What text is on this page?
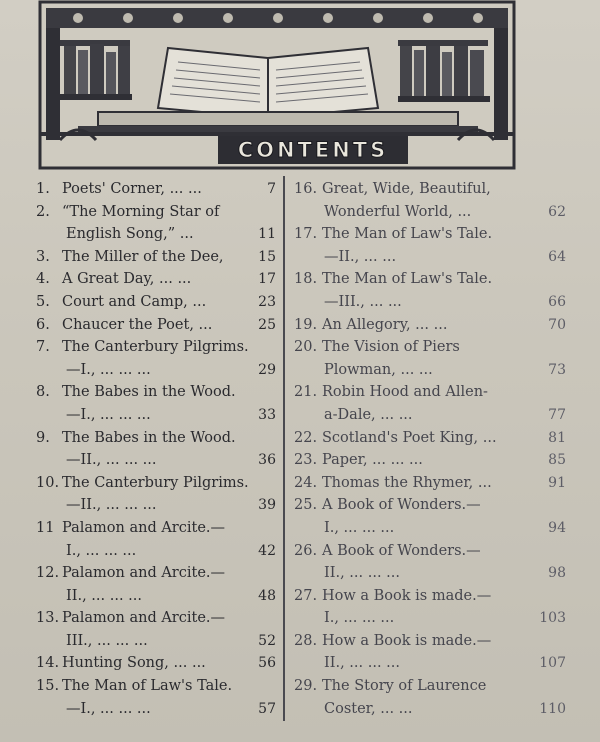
CONTENTS
1. Poets' Corner, ... ...	7
2. “The Morning Star of
English Song,” ...	11
3. The Miller of the Dee,	15
4. A Great Day, ... ...	17
5. Court and Camp, ...	23
6. Chaucer the Poet, ...	25
7. The Canterbury Pilgrims.
—I., ... ... ...	29
8. The Babes in the Wood.
—I., ... ... ...	33
9. The Babes in the Wood.
—II., ... ... ...	36
10. The Canterbury Pilgrims.
—II., ... ... ...	39
11 Palamon and Arcite.—
I., ... ... ...	42
12. Palamon and Arcite.—
II., ... ... ...	48
13. Palamon and Arcite.—
III., ... ... ...	52
14. Hunting Song, ... ...	56
15. The Man of Law's Tale.
—I., ... ... ...	57
16. Great, Wide, Beautiful,
Wonderful World, ...	62
17. The Man of Law's Tale.
—II., ... ...	64
18. The Man of Law's Tale.
—III., ... ...	66
19. An Allegory, ... ...	70
20. The Vision of Piers
Plowman, ... ...	73
21. Robin Hood and Allen-
a-Dale, ... ...	77
22. Scotland's Poet King, ...	81
23. Paper, ... ... ...	85
24. Thomas the Rhymer, ...	91
25. A Book of Wonders.—
I., ... ... ...	94
26. A Book of Wonders.—
II., ... ... ...	98
27. How a Book is made.—
I., ... ... ...	103
28. How a Book is made.—
II., ... ... ...	107
29. The Story of Laurence
Coster, ... ...	110
